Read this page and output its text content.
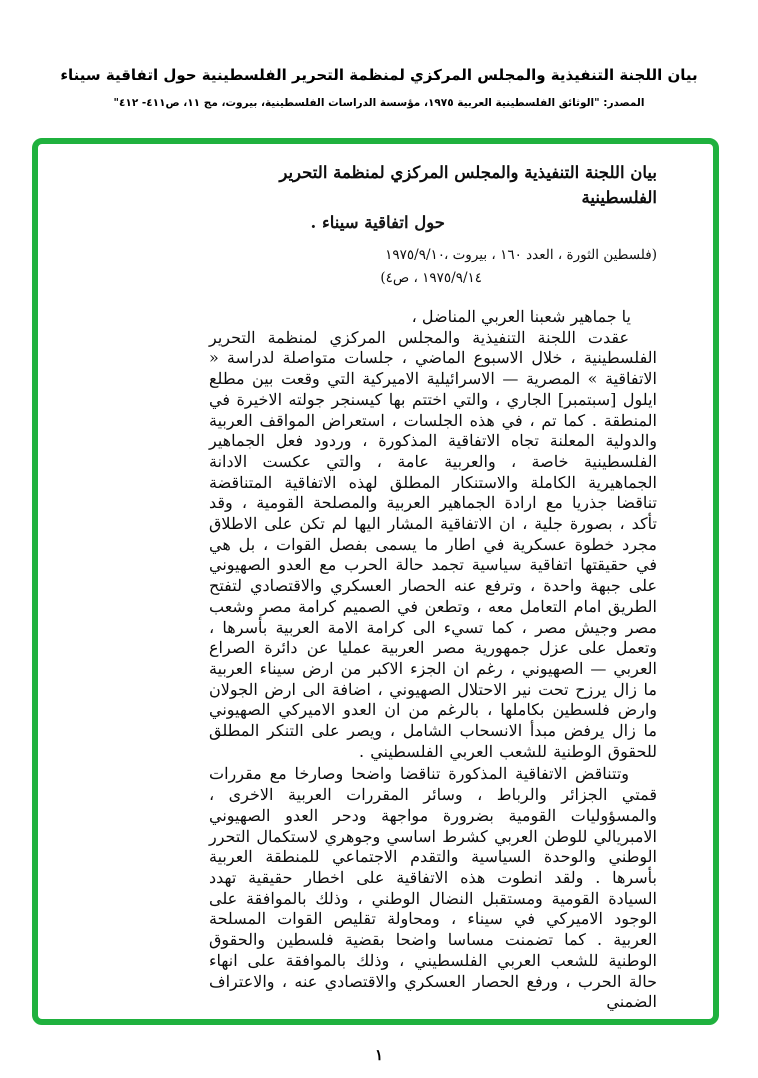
بيان اللجنة التنفيذية والمجلس المركزي لمنظمة التحرير الفلسطينية حول اتفاقية سيناء
المصدر: "الوثائق الفلسطينية العربية ١٩٧٥، مؤسسة الدراسات الفلسطينية، بيروت، مج ١١، ص٤١١- ٤١٢"
بيان اللجنة التنفيذية والمجلس المركزي لمنظمة التحرير الفلسطينية
حول اتفاقية سيناء .
(فلسطين الثورة ، العدد ١٦٠ ، بيروت ،
١٩٧٥/٩/١٠
١٩٧٥/٩/١٤ ، ص٤)
يا جماهير شعبنا العربي المناضل ،

عقدت اللجنة التنفيذية والمجلس المركزي لمنظمة التحرير الفلسطينية ، خلال الاسبوع الماضي ، جلسات متواصلة لدراسة « الاتفاقية » المصرية — الاسرائيلية الاميركية التي وقعت بين مطلع ايلول [سبتمبر] الجاري ، والتي اختتم بها كيسنجر جولته الاخيرة في المنطقة . كما تم ، في هذه الجلسات ، استعراض المواقف العربية والدولية المعلنة تجاه الاتفاقية المذكورة ، وردود فعل الجماهير الفلسطينية خاصة ، والعربية عامة ، والتي عكست الادانة الجماهيرية الكاملة والاستنكار المطلق لهذه الاتفاقية المتناقضة تناقضا جذريا مع ارادة الجماهير العربية والمصلحة القومية ، وقد تأكد ، بصورة جلية ، ان الاتفاقية المشار اليها لم تكن على الاطلاق مجرد خطوة عسكرية في اطار ما يسمى بفصل القوات ، بل هي في حقيقتها اتفاقية سياسية تجمد حالة الحرب مع العدو الصهيوني على جبهة واحدة ، وترفع عنه الحصار العسكري والاقتصادي لتفتح الطريق امام التعامل معه ، وتطعن في الصميم كرامة مصر وشعب مصر وجيش مصر ، كما تسيء الى كرامة الامة العربية بأسرها ، وتعمل على عزل جمهورية مصر العربية عمليا عن دائرة الصراع العربي — الصهيوني ، رغم ان الجزء الاكبر من ارض سيناء العربية ما زال يرزح تحت نير الاحتلال الصهيوني ، اضافة الى ارض الجولان وارض فلسطين بكاملها ، بالرغم من ان العدو الاميركي الصهيوني ما زال يرفض مبدأ الانسحاب الشامل ، ويصر على التنكر المطلق للحقوق الوطنية للشعب العربي الفلسطيني .

وتتناقض الاتفاقية المذكورة تناقضا واضحا وصارخا مع مقررات قمتي الجزائر والرباط ، وسائر المقررات العربية الاخرى ، والمسؤوليات القومية بضرورة مواجهة ودحر العدو الصهيوني الامبريالي للوطن العربي كشرط اساسي وجوهري لاستكمال التحرر الوطني والوحدة السياسية والتقدم الاجتماعي للمنطقة العربية بأسرها . ولقد انطوت هذه الاتفاقية على اخطار حقيقية تهدد السيادة القومية ومستقبل النضال الوطني ، وذلك بالموافقة على الوجود الاميركي في سيناء ، ومحاولة تقليص القوات المسلحة العربية . كما تضمنت مساسا واضحا بقضية فلسطين والحقوق الوطنية للشعب العربي الفلسطيني ، وذلك بالموافقة على انهاء حالة الحرب ، ورفع الحصار العسكري والاقتصادي عنه ، والاعتراف الضمني

١
